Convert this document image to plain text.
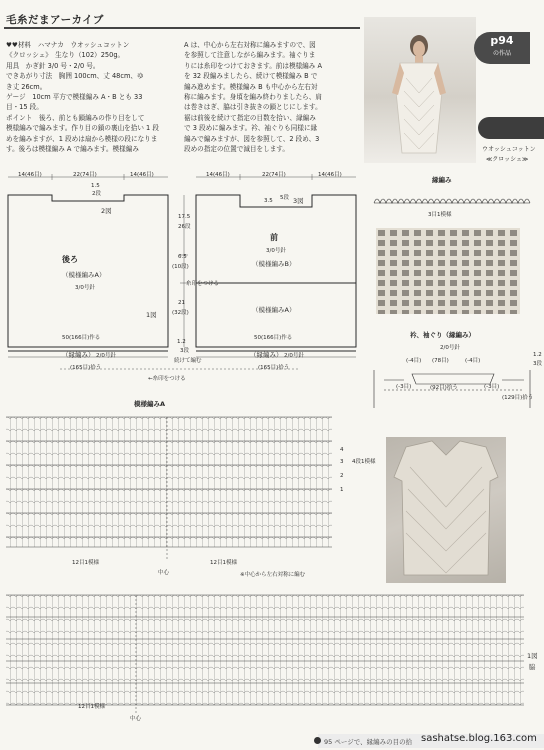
毛糸だまアーカイブ
♥♥材料　ハマナカ　ウオッシュコットン
《クロッシェ》　生なり（102）250g。
用具　かぎ針 3/0 号・2/0 号。
できあがり寸法　胸囲 100cm、丈 48cm、ゆ
き丈 26cm。
ゲージ　10cm 平方で模様編み A・B とも 33
目・15 段。
ポイント　後ろ、前とも鎖編みの作り目をして
模様編みで編みます。作り目の鎖の裏山を拾い 1 段
めを編みますが、1 段めは扇から模様の段になりま
す。後ろは模様編み A で編みます。模様編み
A は、中心から左右対称に編みますので、図
を参照して注意しながら編みます。袖ぐりま
りには糸印をつけておきます。前は模様編み A
を 32 段編みましたら、続けて模様編み B で
編み進めます。模様編み B も中心から左右対
称に編みます。身頃を編み終わりましたら、肩
は巻きはぎ、脇は引き抜きの鎖とじにします。
裾は前後を続けて指定の目数を拾い、縁編み
で 3 段めに編みます。衿、袖ぐりも同様に縁
編みで編みますが、図を参照して、2 段め、3
段めの指定の位置で減目をします。
p94
の作品
ウオッシュコットン
≪クロッシェ≫
14(46目)	22(74目)	14(46目)
1.5
2段
2図
後ろ
（模様編みA）
3/0号針
1図
50(166目)作る
（縁編み） 2/0号針
(165目)拾う
17.5
26段
6.5
(10段)
糸印をつける
21
(32段)
1.2
3段
続けて編む
14(46目)	22(74目)	14(46目)
3.5 5段 3図
前
3/0号針
（模様編みB）
（模様編みA）
50(166目)作る
（縁編み） 2/0号針
(165目)拾う
←糸印をつける
縁編み
3目1模様
衿、袖ぐり（縁編み）
2/0号針
(-4目) (78目)	(-4目)
(-3目)	(92目)拾う	(-3目)
(129目)拾う
1.2
3段
模様編みA
4
3
2
1
4段1模様
12目1模様	12目1模様
中心	※中心から左右対称に編む
12目1模様
中心
1図
脇
95 ページで、縁編みの目の拾 sashatse.blog.163.com
